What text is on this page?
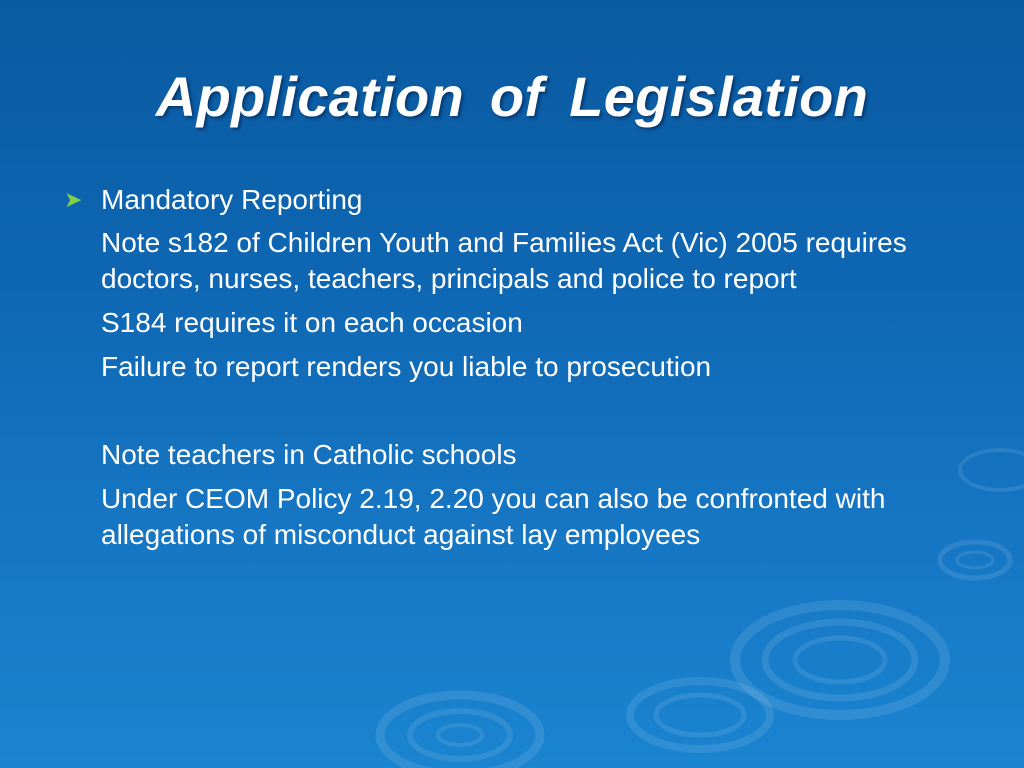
Application of Legislation
➤ Mandatory Reporting

Note s182 of Children Youth and Families Act (Vic) 2005 requires doctors, nurses, teachers, principals and police to report

S184 requires it on each occasion

Failure to report renders you liable to prosecution

Note teachers in Catholic schools

Under CEOM Policy 2.19, 2.20 you can also be confronted with allegations of misconduct against lay employees
